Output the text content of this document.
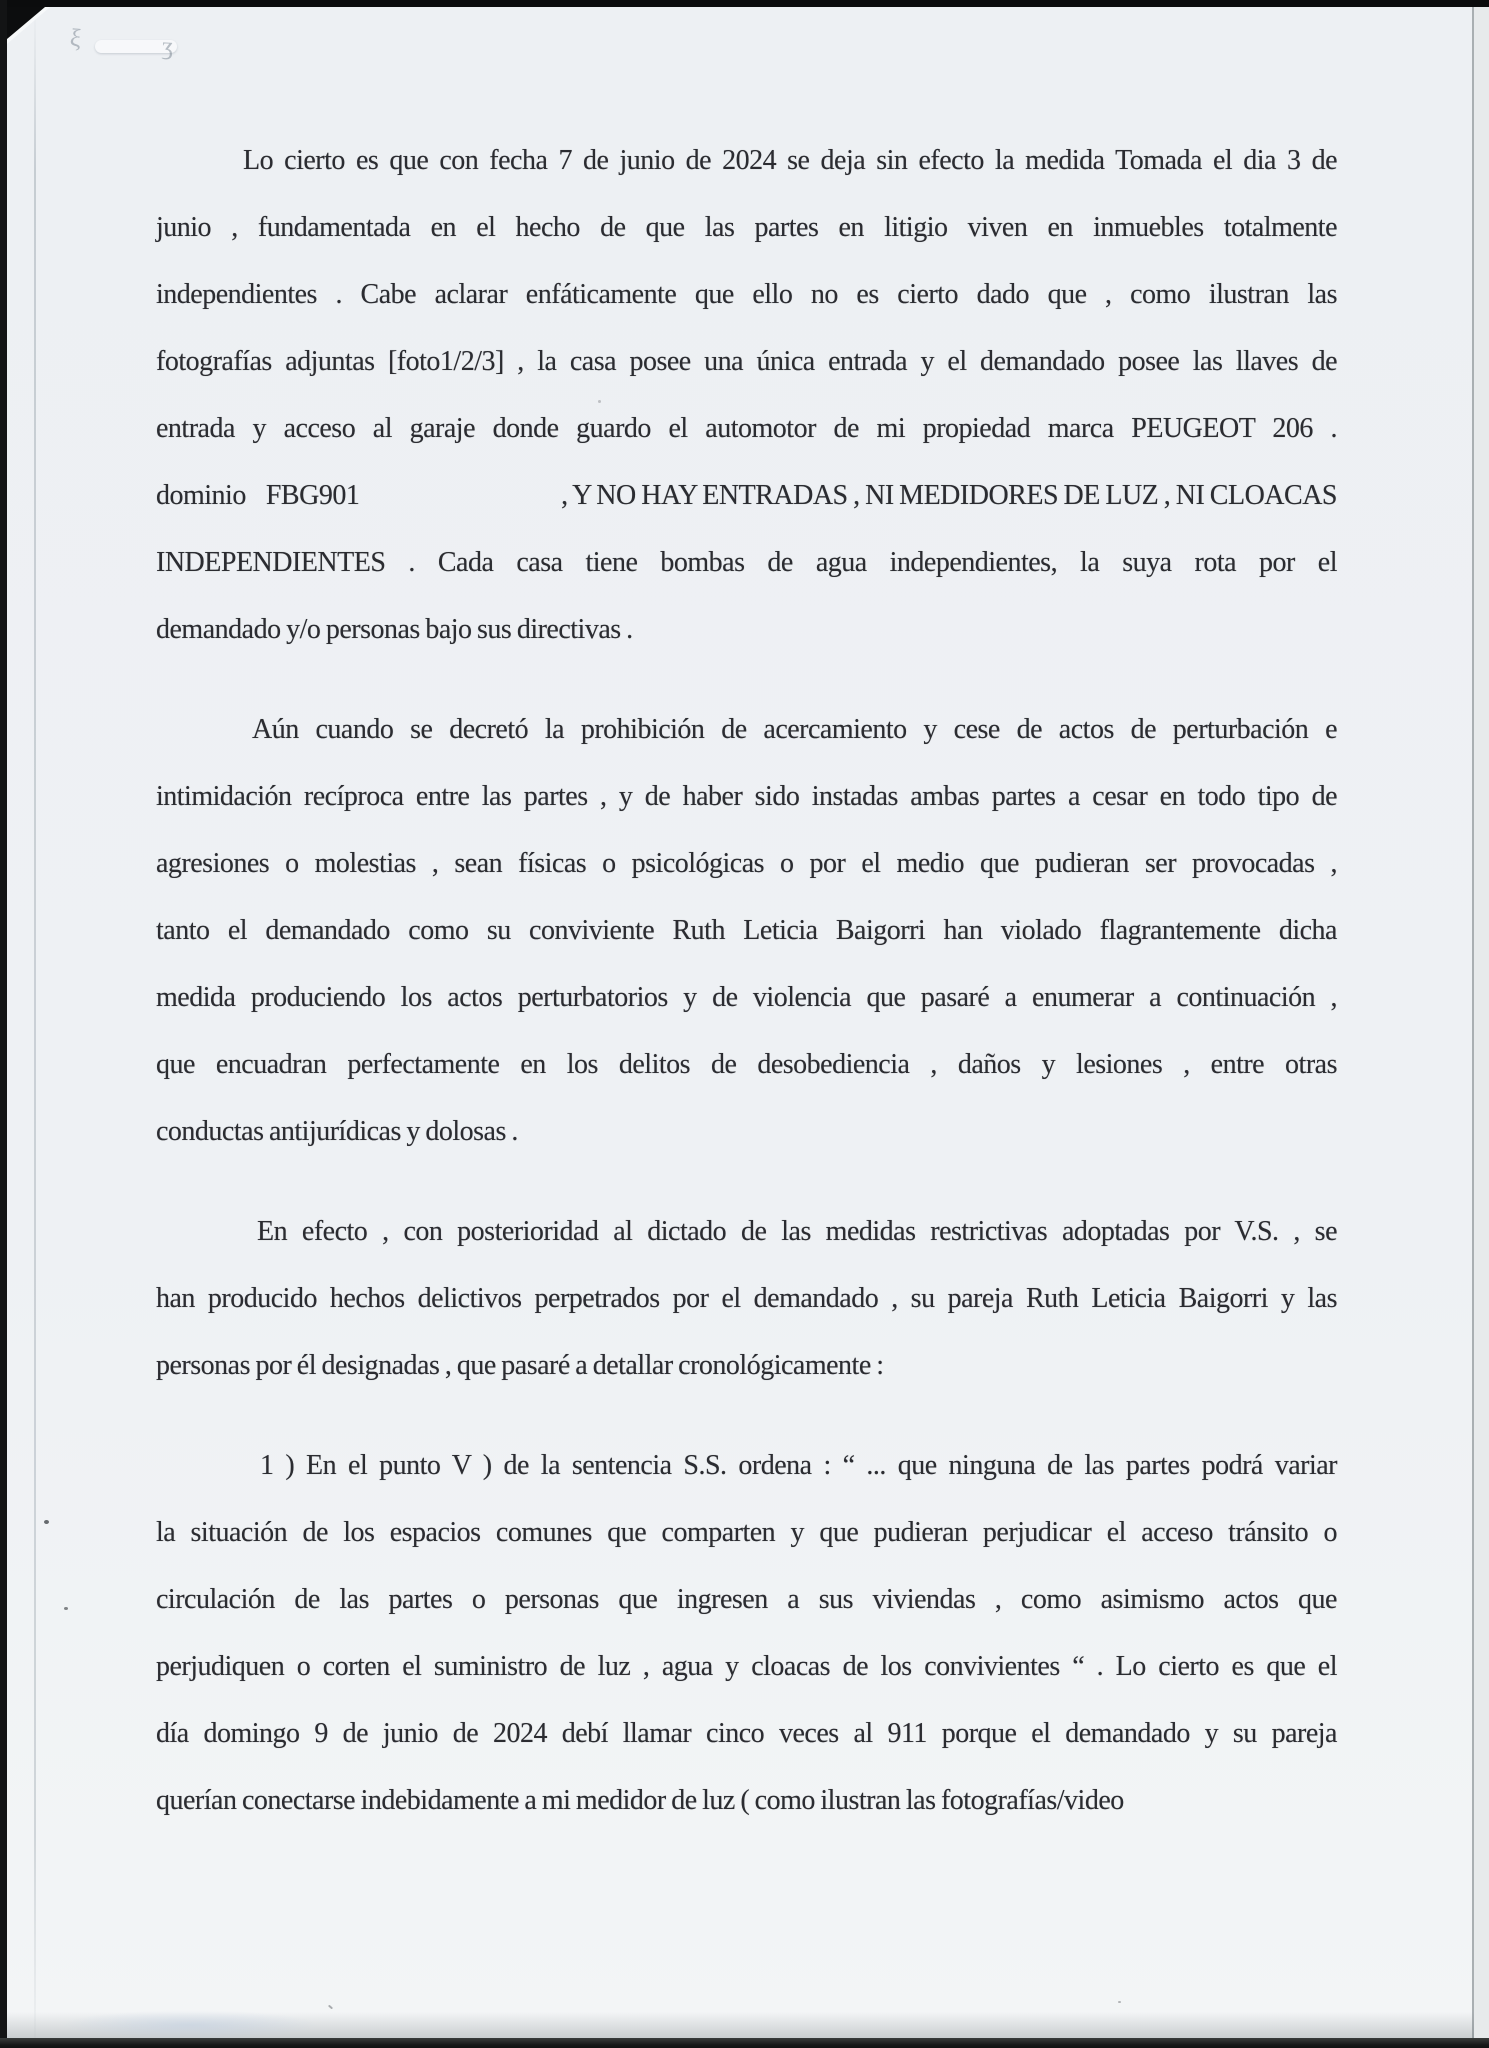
ξ	ʒ
Lo cierto es que con fecha 7 de junio de 2024 se deja sin efecto la medida Tomada el dia 3 de
junio , fundamentada en el hecho de que las partes en litigio viven en inmuebles totalmente
independientes . Cabe aclarar enfáticamente que ello no es cierto dado que , como ilustran las
fotografías adjuntas [foto1/2/3] , la casa posee una única entrada y el demandado posee las llaves de
entrada y acceso al garaje donde guardo el automotor de mi propiedad marca PEUGEOT 206 .
dominio FBG901	, Y NO HAY ENTRADAS , NI MEDIDORES DE LUZ , NI CLOACAS
INDEPENDIENTES . Cada casa tiene bombas de agua independientes, la suya rota por el
demandado y/o personas bajo sus directivas .
Aún cuando se decretó la prohibición de acercamiento y cese de actos de perturbación e
intimidación recíproca entre las partes , y de haber sido instadas ambas partes a cesar en todo tipo de
agresiones o molestias , sean físicas o psicológicas o por el medio que pudieran ser provocadas ,
tanto el demandado como su conviviente Ruth Leticia Baigorri han violado flagrantemente dicha
medida produciendo los actos perturbatorios y de violencia que pasaré a enumerar a continuación ,
que encuadran perfectamente en los delitos de desobediencia , daños y lesiones , entre otras
conductas antijurídicas y dolosas .
En efecto , con posterioridad al dictado de las medidas restrictivas adoptadas por V.S. , se
han producido hechos delictivos perpetrados por el demandado , su pareja Ruth Leticia Baigorri y las
personas por él designadas , que pasaré a detallar cronológicamente :
1 ) En el punto V ) de la sentencia S.S. ordena : “ ... que ninguna de las partes podrá variar
la situación de los espacios comunes que comparten y que pudieran perjudicar el acceso tránsito o
circulación de las partes o personas que ingresen a sus viviendas , como asimismo actos que
perjudiquen o corten el suministro de luz , agua y cloacas de los convivientes “ . Lo cierto es que el
día domingo 9 de junio de 2024 debí llamar cinco veces al 911 porque el demandado y su pareja
querían conectarse indebidamente a mi medidor de luz ( como ilustran las fotografías/video
